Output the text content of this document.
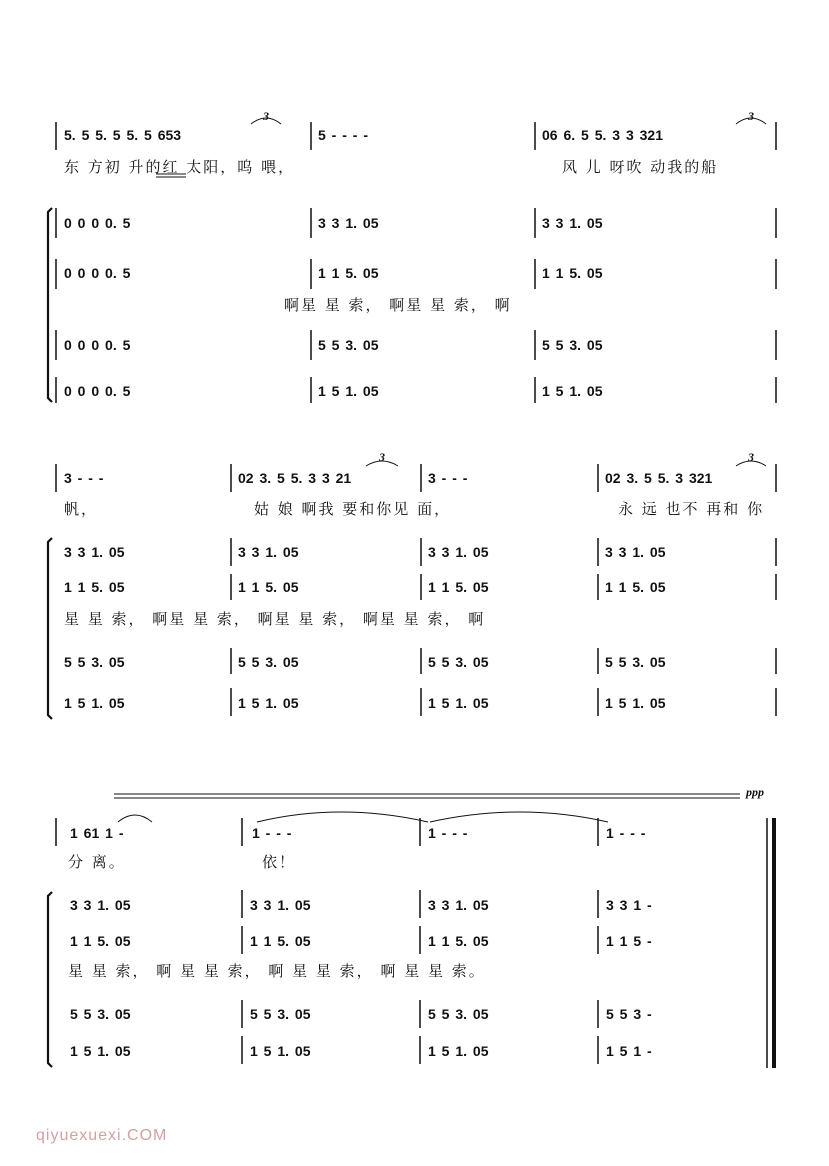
3	3
5. 5 5. 5 5. 5 653	5 - - - -	06 6. 5 5. 3 3 321
东 方初 升的红 太阳，呜 喂，	风 儿 呀吹 动我的船
0 0 0 0. 5	3 3 1. 05	3 3 1. 05
0 0 0 0. 5	1 1 5. 05	1 1 5. 05
啊星 星 索， 啊星 星 索， 啊
0 0 0 0. 5	5 5 3. 05	5 5 3. 05
0 0 0 0. 5	1 5 1. 05	1 5 1. 05
3	3
3 - - -	02 3. 5 5. 3 3 21	3 - - -	02 3. 5 5. 3 321
帆，	姑 娘 啊我 要和你见 面，	永 远 也不 再和 你
3 3 1. 05	3 3 1. 05	3 3 1. 05	3 3 1. 05
1 1 5. 05	1 1 5. 05	1 1 5. 05	1 1 5. 05
星 星 索， 啊星 星 索， 啊星 星 索， 啊星 星 索， 啊
5 5 3. 05	5 5 3. 05	5 5 3. 05	5 5 3. 05
1 5 1. 05	1 5 1. 05	1 5 1. 05	1 5 1. 05
ppp
1 61 1 -	1 - - -	1 - - -	1 - - -
分 离。	依！
3 3 1. 05	3 3 1. 05	3 3 1. 05	3 3 1 -
1 1 5. 05	1 1 5. 05	1 1 5. 05	1 1 5 -
星 星 索， 啊 星 星 索， 啊 星 星 索， 啊 星 星 索。
5 5 3. 05	5 5 3. 05	5 5 3. 05	5 5 3 -
1 5 1. 05	1 5 1. 05	1 5 1. 05	1 5 1 -
qiyuexuexi.COM
